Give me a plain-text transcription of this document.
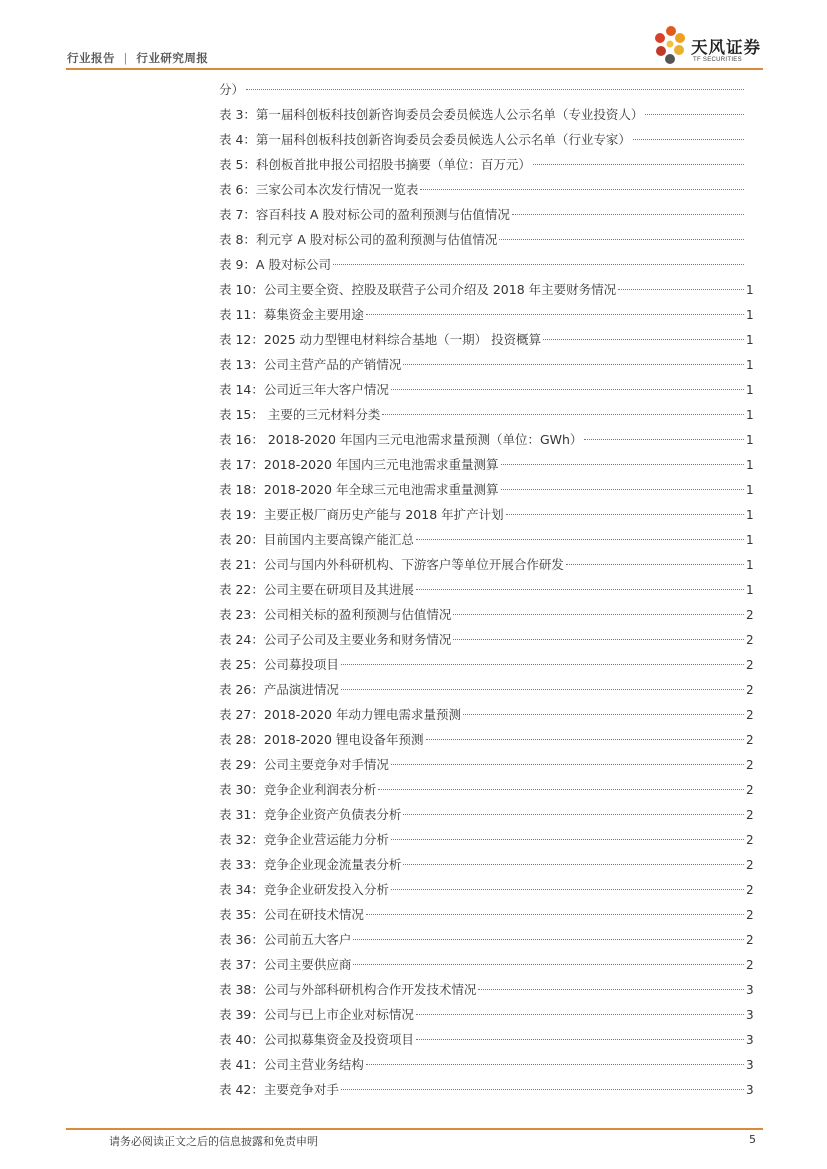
行业报告 | 行业研究周报
天风证券
TF SECURITIES
分）
表 3：第一届科创板科技创新咨询委员会委员候选人公示名单（专业投资人）
表 4：第一届科创板科技创新咨询委员会委员候选人公示名单（行业专家）
表 5：科创板首批申报公司招股书摘要（单位：百万元）
表 6：三家公司本次发行情况一览表
表 7：容百科技 A 股对标公司的盈利预测与估值情况
表 8：利元亨 A 股对标公司的盈利预测与估值情况
表 9：A 股对标公司
表 10：公司主要全资、控股及联营子公司介绍及 2018 年主要财务情况	1
表 11：募集资金主要用途	1
表 12：2025 动力型锂电材料综合基地（一期） 投资概算	1
表 13：公司主营产品的产销情况	1
表 14：公司近三年大客户情况	1
表 15： 主要的三元材料分类	1
表 16： 2018-2020 年国内三元电池需求量预测（单位：GWh）	1
表 17：2018-2020 年国内三元电池需求重量测算	1
表 18：2018-2020 年全球三元电池需求重量测算	1
表 19：主要正极厂商历史产能与 2018 年扩产计划	1
表 20：目前国内主要高镍产能汇总	1
表 21：公司与国内外科研机构、下游客户等单位开展合作研发	1
表 22：公司主要在研项目及其进展	1
表 23：公司相关标的盈利预测与估值情况	2
表 24：公司子公司及主要业务和财务情况	2
表 25：公司募投项目	2
表 26：产品演进情况	2
表 27：2018-2020 年动力锂电需求量预测	2
表 28：2018-2020 锂电设备年预测	2
表 29：公司主要竞争对手情况	2
表 30：竞争企业利润表分析	2
表 31：竞争企业资产负债表分析	2
表 32：竞争企业营运能力分析	2
表 33：竞争企业现金流量表分析	2
表 34：竞争企业研发投入分析	2
表 35：公司在研技术情况	2
表 36：公司前五大客户	2
表 37：公司主要供应商	2
表 38：公司与外部科研机构合作开发技术情况	3
表 39：公司与已上市企业对标情况	3
表 40：公司拟募集资金及投资项目	3
表 41：公司主营业务结构	3
表 42：主要竞争对手	3
请务必阅读正文之后的信息披露和免责申明	5
